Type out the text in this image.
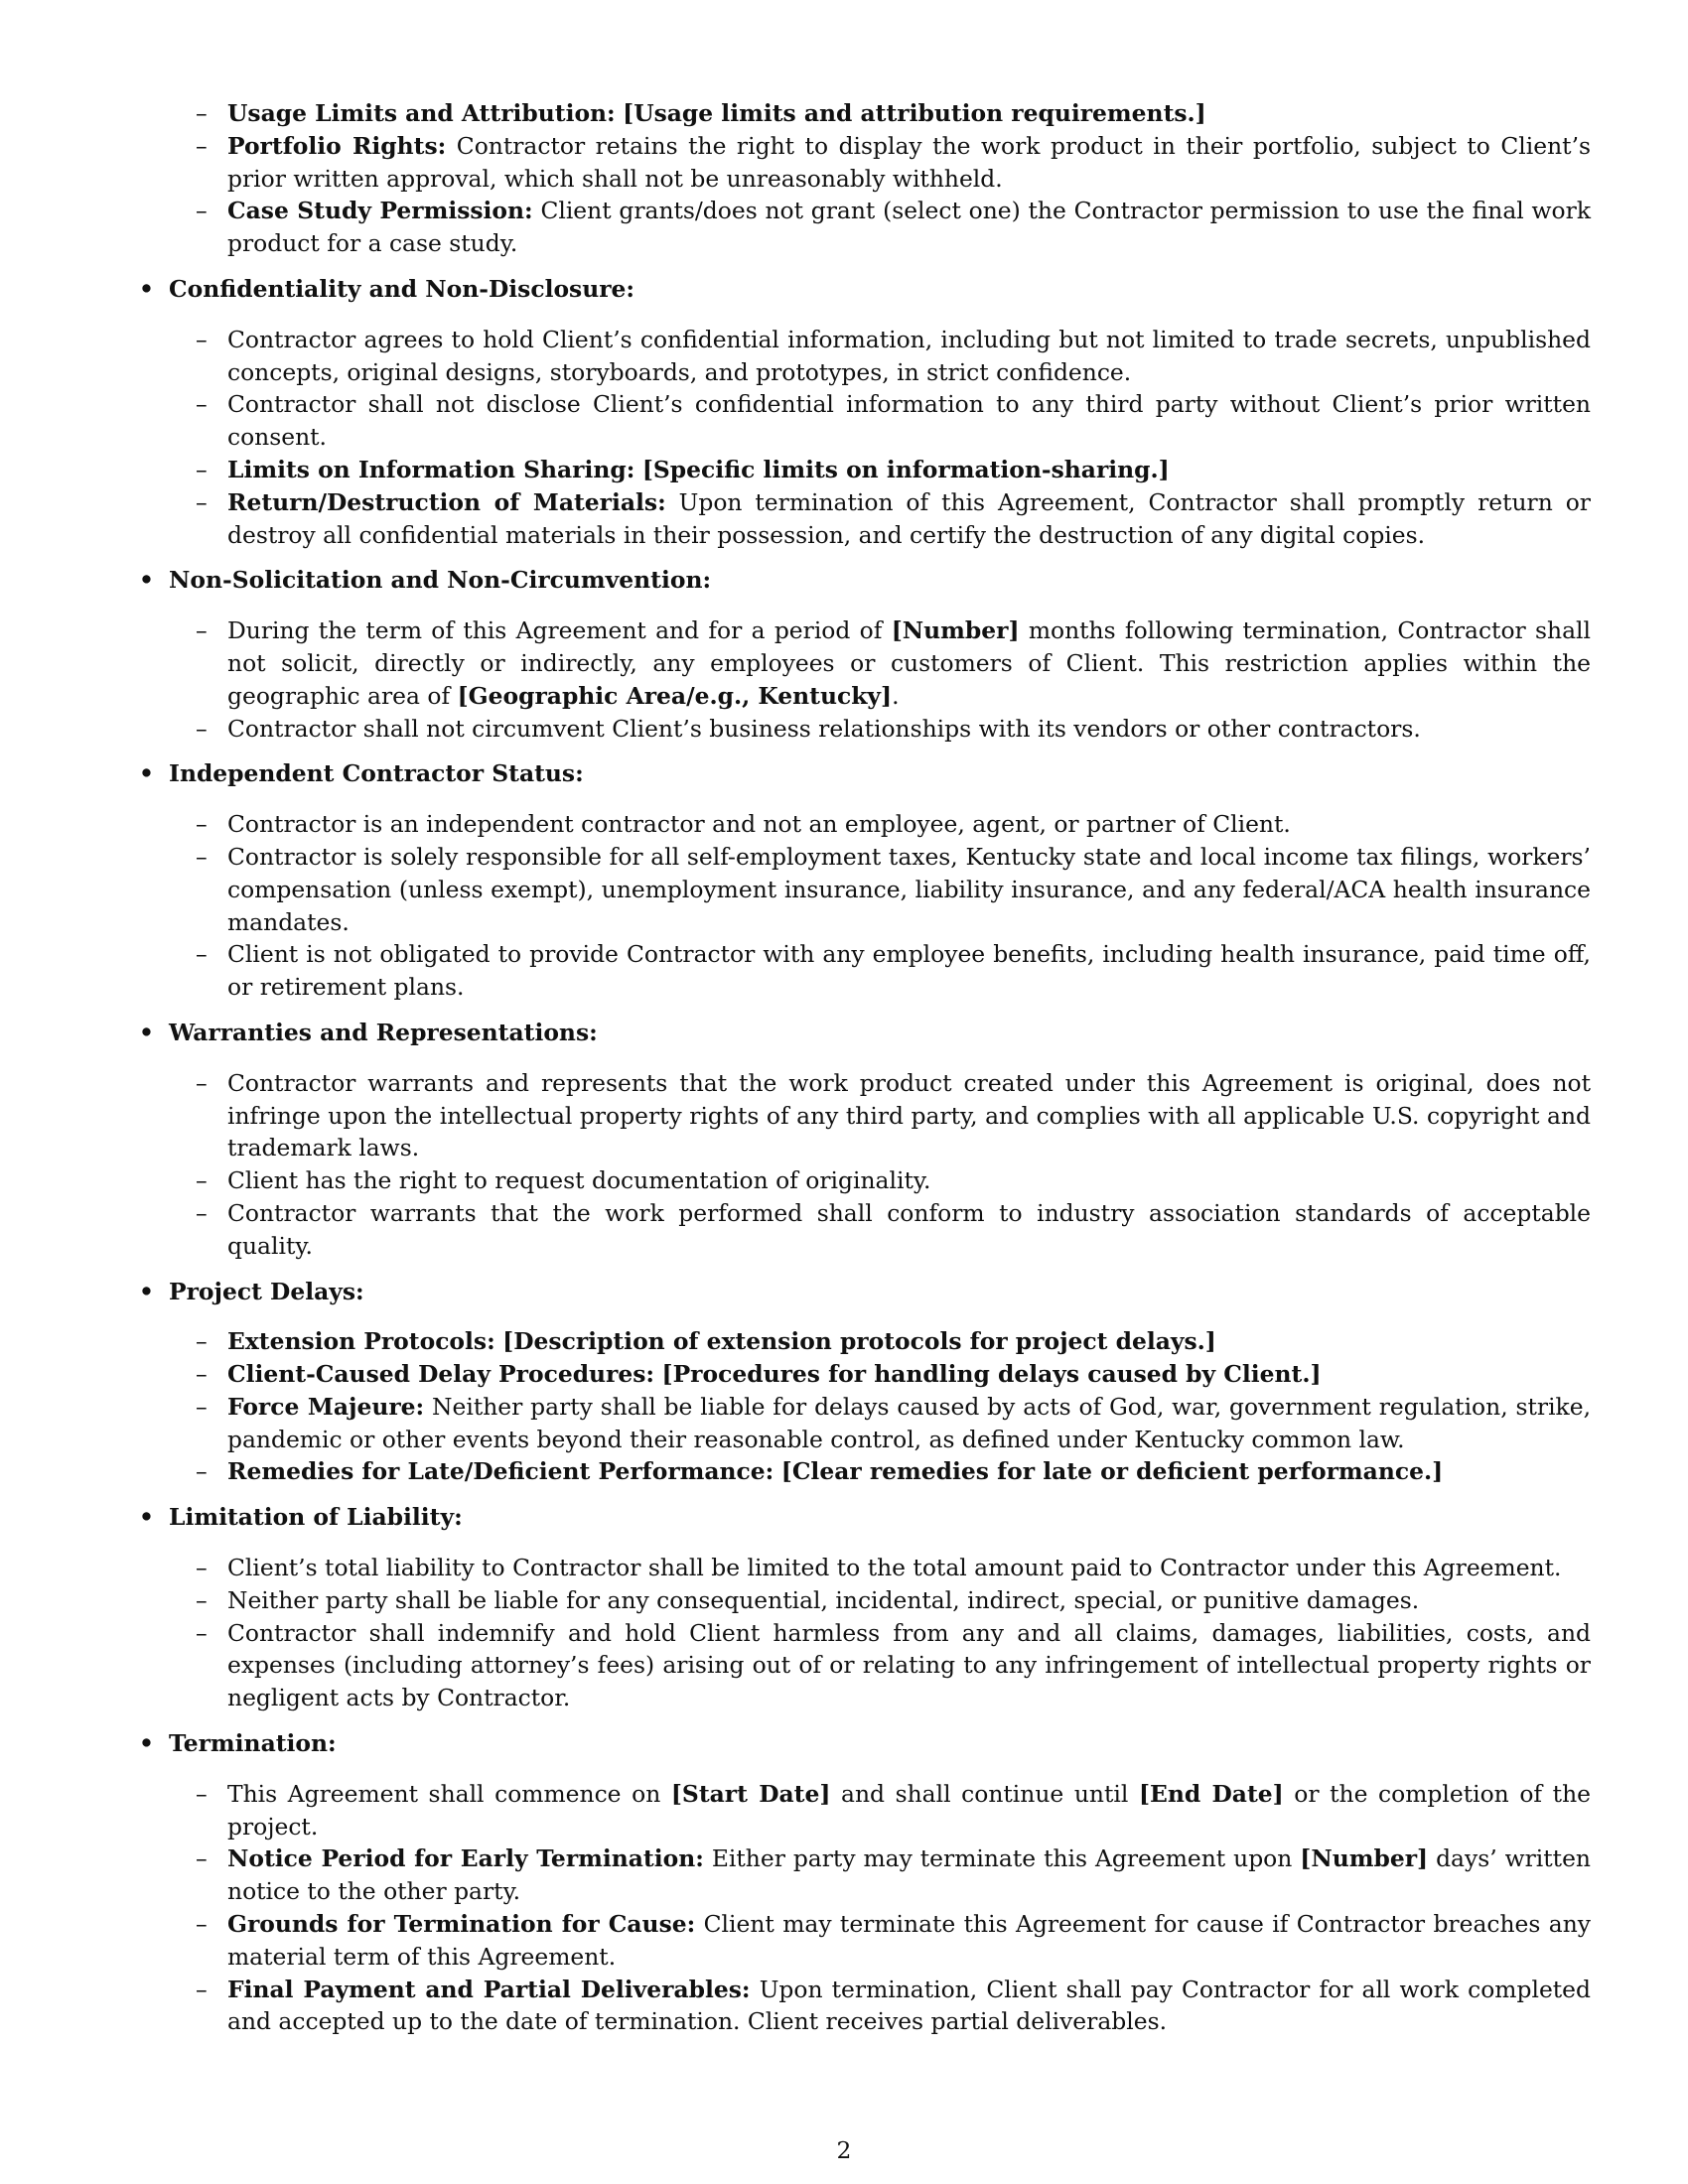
– Usage Limits and Attribution: [Usage limits and attribution requirements.]
– Portfolio Rights: Contractor retains the right to display the work product in their portfolio, subject to Client’s prior written approval, which shall not be unreasonably withheld.
– Case Study Permission: Client grants/does not grant (select one) the Contractor permission to use the final work product for a case study.
• Confidentiality and Non-Disclosure:
– Contractor agrees to hold Client’s confidential information, including but not limited to trade secrets, unpublished concepts, original designs, storyboards, and prototypes, in strict confidence.
– Contractor shall not disclose Client’s confidential information to any third party without Client’s prior written consent.
– Limits on Information Sharing: [Specific limits on information-sharing.]
– Return/Destruction of Materials: Upon termination of this Agreement, Contractor shall promptly return or destroy all confidential materials in their possession, and certify the destruction of any digital copies.
• Non-Solicitation and Non-Circumvention:
– During the term of this Agreement and for a period of [Number] months following termination, Contractor shall not solicit, directly or indirectly, any employees or customers of Client. This restriction applies within the geographic area of [Geographic Area/e.g., Kentucky].
– Contractor shall not circumvent Client’s business relationships with its vendors or other contractors.
• Independent Contractor Status:
– Contractor is an independent contractor and not an employee, agent, or partner of Client.
– Contractor is solely responsible for all self-employment taxes, Kentucky state and local income tax filings, workers’ compensation (unless exempt), unemployment insurance, liability insurance, and any federal/ACA health insurance mandates.
– Client is not obligated to provide Contractor with any employee benefits, including health insurance, paid time off, or retirement plans.
• Warranties and Representations:
– Contractor warrants and represents that the work product created under this Agreement is original, does not infringe upon the intellectual property rights of any third party, and complies with all applicable U.S. copyright and trademark laws.
– Client has the right to request documentation of originality.
– Contractor warrants that the work performed shall conform to industry association standards of acceptable quality.
• Project Delays:
– Extension Protocols: [Description of extension protocols for project delays.]
– Client-Caused Delay Procedures: [Procedures for handling delays caused by Client.]
– Force Majeure: Neither party shall be liable for delays caused by acts of God, war, government regulation, strike, pandemic or other events beyond their reasonable control, as defined under Kentucky common law.
– Remedies for Late/Deficient Performance: [Clear remedies for late or deficient performance.]
• Limitation of Liability:
– Client’s total liability to Contractor shall be limited to the total amount paid to Contractor under this Agreement.
– Neither party shall be liable for any consequential, incidental, indirect, special, or punitive damages.
– Contractor shall indemnify and hold Client harmless from any and all claims, damages, liabilities, costs, and expenses (including attorney’s fees) arising out of or relating to any infringement of intellectual property rights or negligent acts by Contractor.
• Termination:
– This Agreement shall commence on [Start Date] and shall continue until [End Date] or the completion of the project.
– Notice Period for Early Termination: Either party may terminate this Agreement upon [Number] days’ written notice to the other party.
– Grounds for Termination for Cause: Client may terminate this Agreement for cause if Contractor breaches any material term of this Agreement.
– Final Payment and Partial Deliverables: Upon termination, Client shall pay Contractor for all work completed and accepted up to the date of termination. Client receives partial deliverables.
2
